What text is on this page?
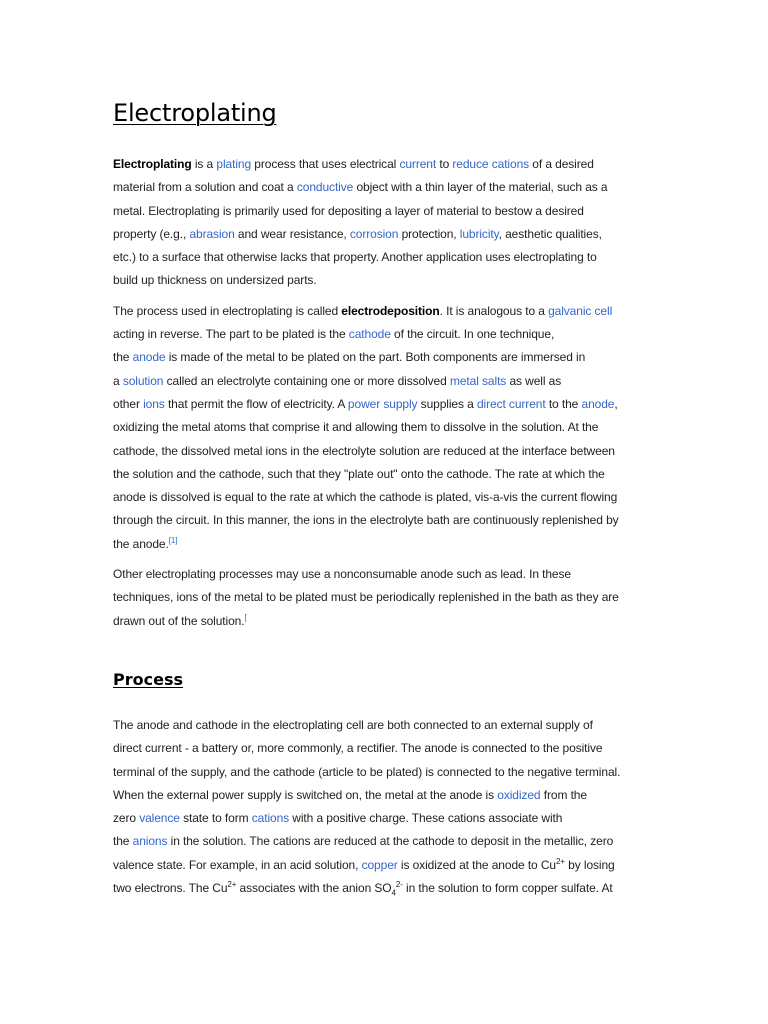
Electroplating

Electroplating is a plating process that uses electrical current to reduce cations of a desired
material from a solution and coat a conductive object with a thin layer of the material, such as a
metal. Electroplating is primarily used for depositing a layer of material to bestow a desired
property (e.g., abrasion and wear resistance, corrosion protection, lubricity, aesthetic qualities,
etc.) to a surface that otherwise lacks that property. Another application uses electroplating to
build up thickness on undersized parts.

The process used in electroplating is called electrodeposition. It is analogous to a galvanic cell
acting in reverse. The part to be plated is the cathode of the circuit. In one technique,
the anode is made of the metal to be plated on the part. Both components are immersed in
a solution called an electrolyte containing one or more dissolved metal salts as well as
other ions that permit the flow of electricity. A power supply supplies a direct current to the anode,
oxidizing the metal atoms that comprise it and allowing them to dissolve in the solution. At the
cathode, the dissolved metal ions in the electrolyte solution are reduced at the interface between
the solution and the cathode, such that they "plate out" onto the cathode. The rate at which the
anode is dissolved is equal to the rate at which the cathode is plated, vis-a-vis the current flowing
through the circuit. In this manner, the ions in the electrolyte bath are continuously replenished by
the anode.[1]

Other electroplating processes may use a nonconsumable anode such as lead. In these
techniques, ions of the metal to be plated must be periodically replenished in the bath as they are
drawn out of the solution.[

Process

The anode and cathode in the electroplating cell are both connected to an external supply of
direct current - a battery or, more commonly, a rectifier. The anode is connected to the positive
terminal of the supply, and the cathode (article to be plated) is connected to the negative terminal.
When the external power supply is switched on, the metal at the anode is oxidized from the
zero valence state to form cations with a positive charge. These cations associate with
the anions in the solution. The cations are reduced at the cathode to deposit in the metallic, zero
valence state. For example, in an acid solution, copper is oxidized at the anode to $Cu^{2+}$ by losing
two electrons. The $Cu^{2+}$ associates with the anion $SO_4^{2-}$ in the solution to form copper sulfate. At
